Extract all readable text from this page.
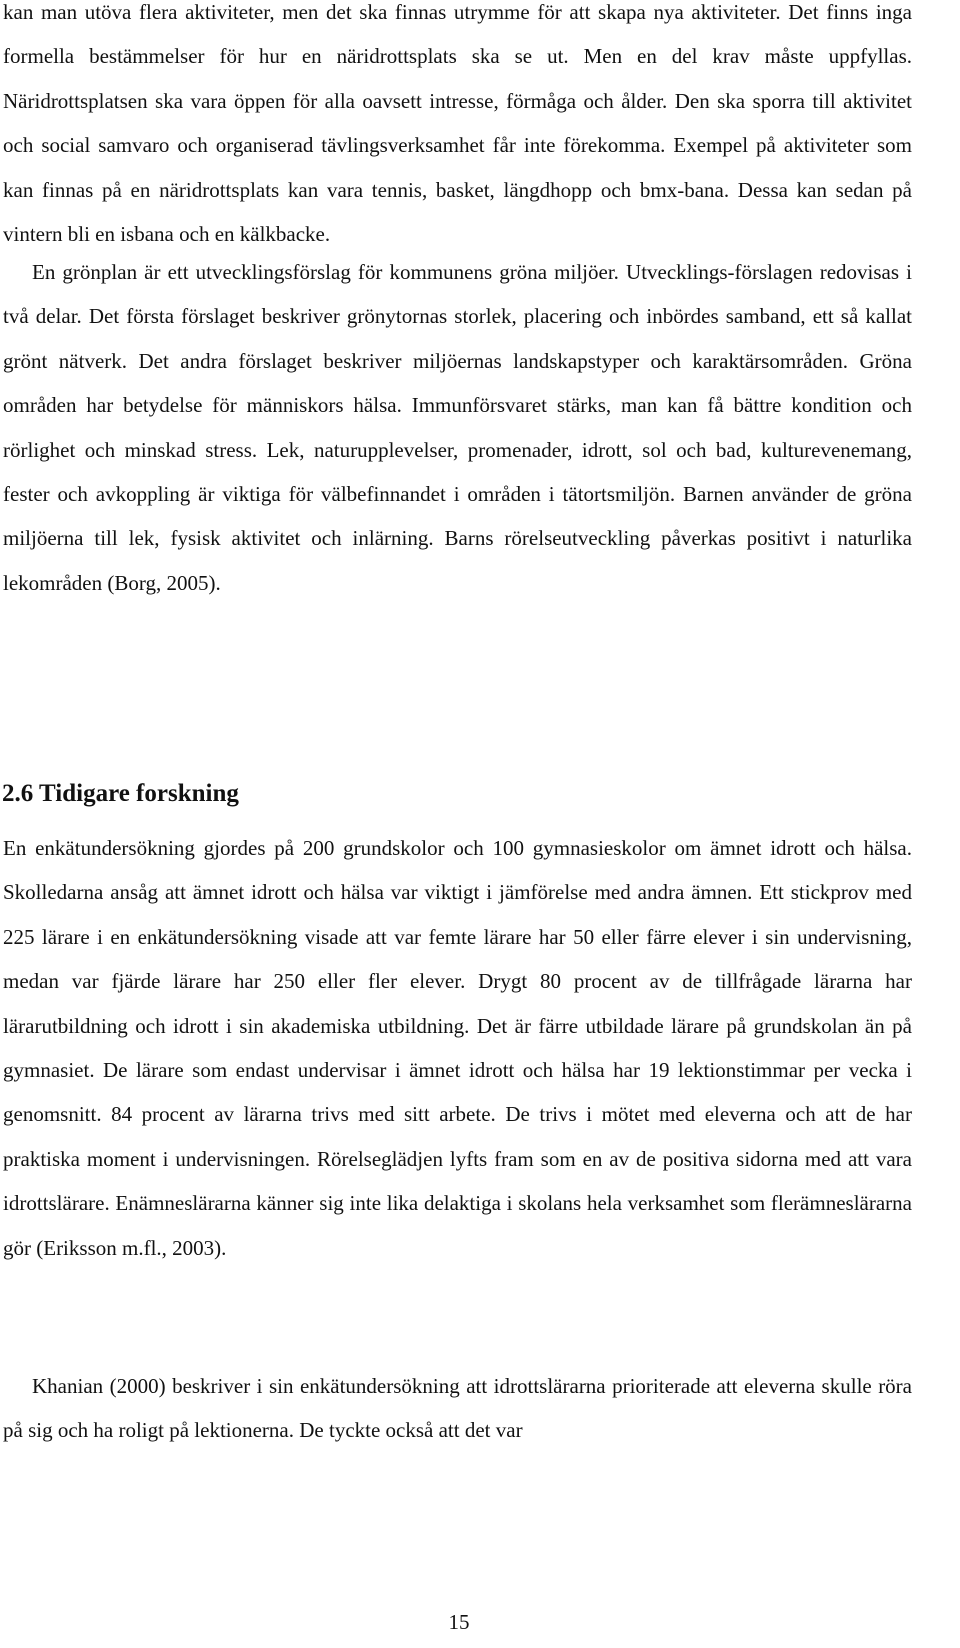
kan man utöva flera aktiviteter, men det ska finnas utrymme för att skapa nya aktiviteter. Det finns inga formella bestämmelser för hur en näridrottsplats ska se ut. Men en del krav måste uppfyllas. Näridrottsplatsen ska vara öppen för alla oavsett intresse, förmåga och ålder. Den ska sporra till aktivitet och social samvaro och organiserad tävlingsverksamhet får inte förekomma. Exempel på aktiviteter som kan finnas på en näridrottsplats kan vara tennis, basket, längdhopp och bmx-bana. Dessa kan sedan på vintern bli en isbana och en kälkbacke.

En grönplan är ett utvecklingsförslag för kommunens gröna miljöer. Utvecklings-förslagen redovisas i två delar. Det första förslaget beskriver grönytornas storlek, placering och inbördes samband, ett så kallat grönt nätverk. Det andra förslaget beskriver miljöernas landskapstyper och karaktärsområden. Gröna områden har betydelse för människors hälsa. Immunförsvaret stärks, man kan få bättre kondition och rörlighet och minskad stress. Lek, naturupplevelser, promenader, idrott, sol och bad, kulturevenemang, fester och avkoppling är viktiga för välbefinnandet i områden i tätortsmiljön. Barnen använder de gröna miljöerna till lek, fysisk aktivitet och inlärning. Barns rörelseutveckling påverkas positivt i naturlika lekområden (Borg, 2005).

2.6 Tidigare forskning

En enkätundersökning gjordes på 200 grundskolor och 100 gymnasieskolor om ämnet idrott och hälsa. Skolledarna ansåg att ämnet idrott och hälsa var viktigt i jämförelse med andra ämnen. Ett stickprov med 225 lärare i en enkätundersökning visade att var femte lärare har 50 eller färre elever i sin undervisning, medan var fjärde lärare har 250 eller fler elever. Drygt 80 procent av de tillfrågade lärarna har lärarutbildning och idrott i sin akademiska utbildning. Det är färre utbildade lärare på grundskolan än på gymnasiet. De lärare som endast undervisar i ämnet idrott och hälsa har 19 lektionstimmar per vecka i genomsnitt. 84 procent av lärarna trivs med sitt arbete. De trivs i mötet med eleverna och att de har praktiska moment i undervisningen. Rörelseglädjen lyfts fram som en av de positiva sidorna med att vara idrottslärare. Enämneslärarna känner sig inte lika delaktiga i skolans hela verksamhet som flerämneslärarna gör (Eriksson m.fl., 2003).

Khanian (2000) beskriver i sin enkätundersökning att idrottslärarna prioriterade att eleverna skulle röra på sig och ha roligt på lektionerna. De tyckte också att det var

15
